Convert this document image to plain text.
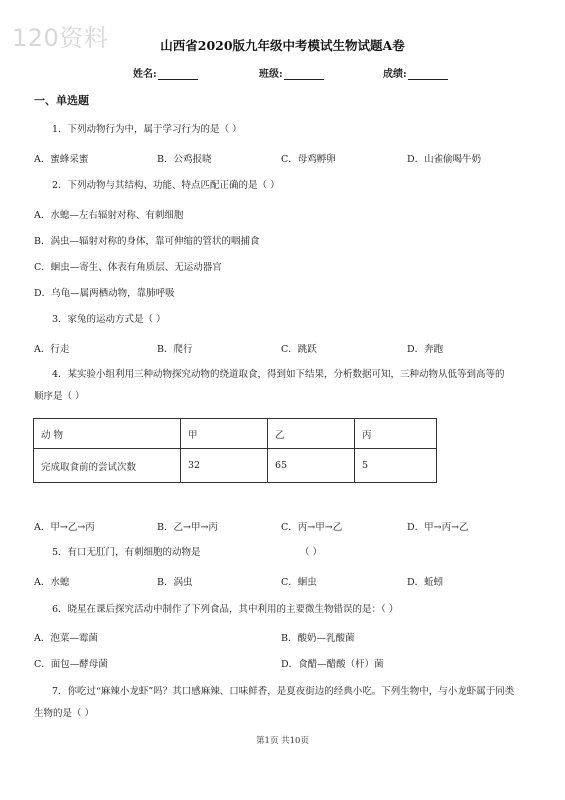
120资料	山西省2020版九年级中考模试生物试题A卷
姓名:	班级:	成绩:
一、单选题
1．下列动物行为中，属于学习行为的是（ ）
A．蜜蜂采蜜	B．公鸡报晓	C．母鸡孵卵	D．山雀偷喝牛奶
2．下列动物与其结构、功能、特点匹配正确的是（ ）
A．水螅—左右辐射对称、有刺细胞
B．涡虫—辐射对称的身体，靠可伸缩的管状的咽捕食
C．蛔虫—寄生、体表有角质层、无运动器官
D．乌龟—属两栖动物，靠肺呼吸
3．家兔的运动方式是（ ）
A．行走	B．爬行	C．跳跃	D．奔跑
4．某实验小组利用三种动物探究动物的绕道取食，得到如下结果，分析数据可知，三种动物从低等到高等的
顺序是（ ）
动 物	甲	乙	丙
完成取食前的尝试次数	32	65	5
A．甲→乙→丙	B．乙→甲→丙	C．丙→甲→乙	D．甲→丙→乙
5．有口无肛门，有刺细胞的动物是	（ ）
A．水螅	B．涡虫	C．蛔虫	D．蚯蚓
6．晓星在课后探究活动中制作了下列食品，其中利用的主要微生物错误的是：（ ）
A．泡菜—霉菌	B．酸奶—乳酸菌
C．面包—酵母菌	D．食醋—醋酸（杆）菌
7．你吃过“麻辣小龙虾”吗？其口感麻辣、口味鲜香，是夏夜街边的经典小吃。下列生物中，与小龙虾属于同类
生物的是（ ）
第1页 共10页
